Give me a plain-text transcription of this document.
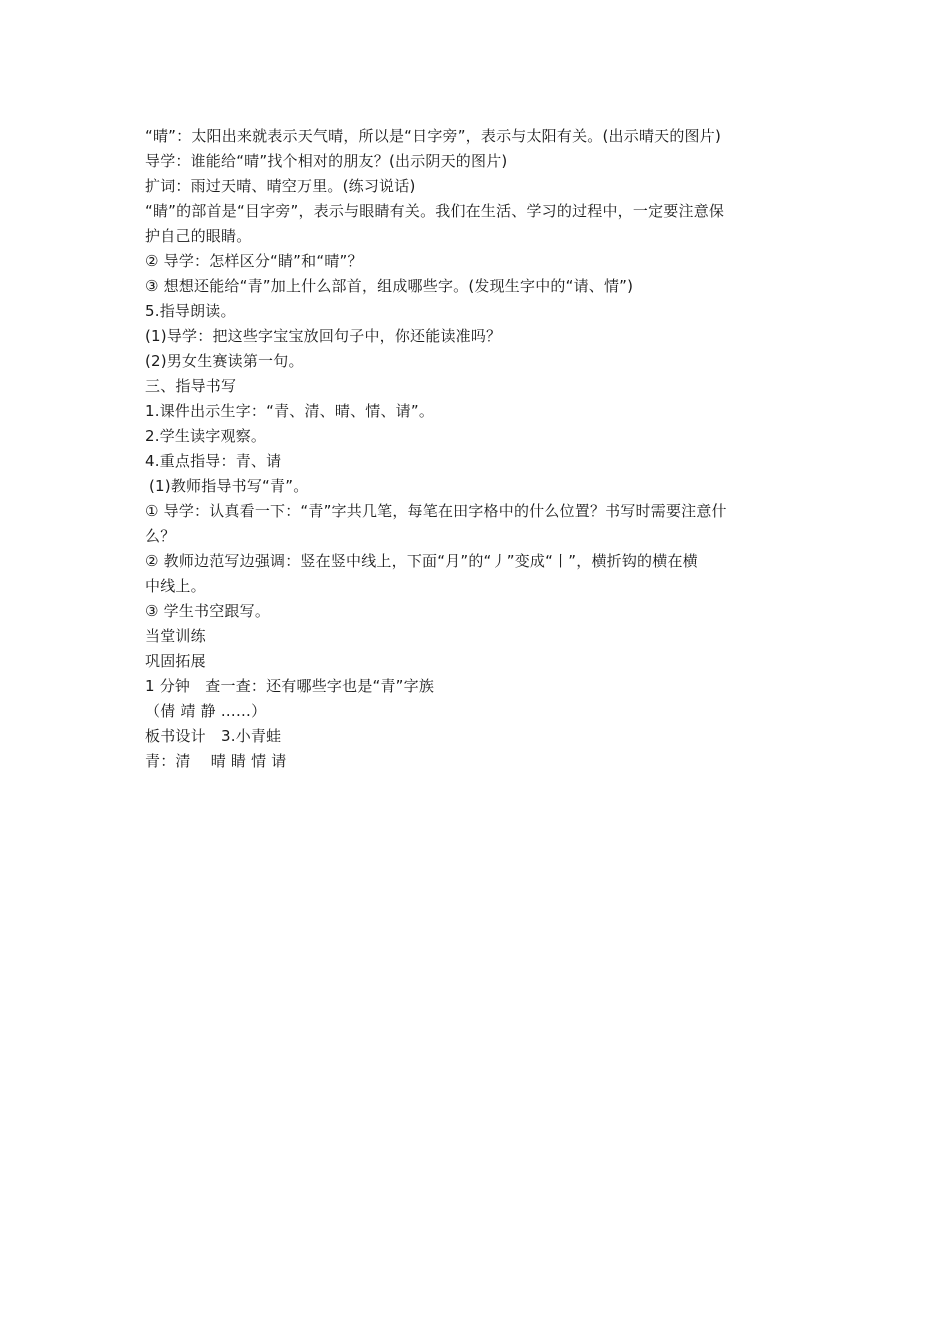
“晴”：太阳出来就表示天气晴，所以是“日字旁”，表示与太阳有关。(出示晴天的图片)
导学：谁能给“晴”找个相对的朋友？(出示阴天的图片)
扩词：雨过天晴、晴空万里。(练习说话)
“睛”的部首是“目字旁”，表示与眼睛有关。我们在生活、学习的过程中，一定要注意保
护自己的眼睛。
② 导学：怎样区分“睛”和“晴”？
③ 想想还能给“青”加上什么部首，组成哪些字。(发现生字中的“请、情”)
5.指导朗读。
(1)导学：把这些字宝宝放回句子中，你还能读准吗？
(2)男女生赛读第一句。
三、指导书写
1.课件出示生字：“青、清、晴、情、请”。
2.学生读字观察。
4.重点指导：青、请
(1)教师指导书写“青”。
① 导学：认真看一下：“青”字共几笔，每笔在田字格中的什么位置？书写时需要注意什
么？
② 教师边范写边强调：竖在竖中线上，下面“月”的“丿”变成“丨”，横折钩的横在横
中线上。
③ 学生书空跟写。
当堂训练
巩固拓展
1 分钟　查一查：还有哪些字也是“青”字族
（倩 靖 静 ……）
板书设计　3.小青蛙
青：清　 晴 睛 情 请
